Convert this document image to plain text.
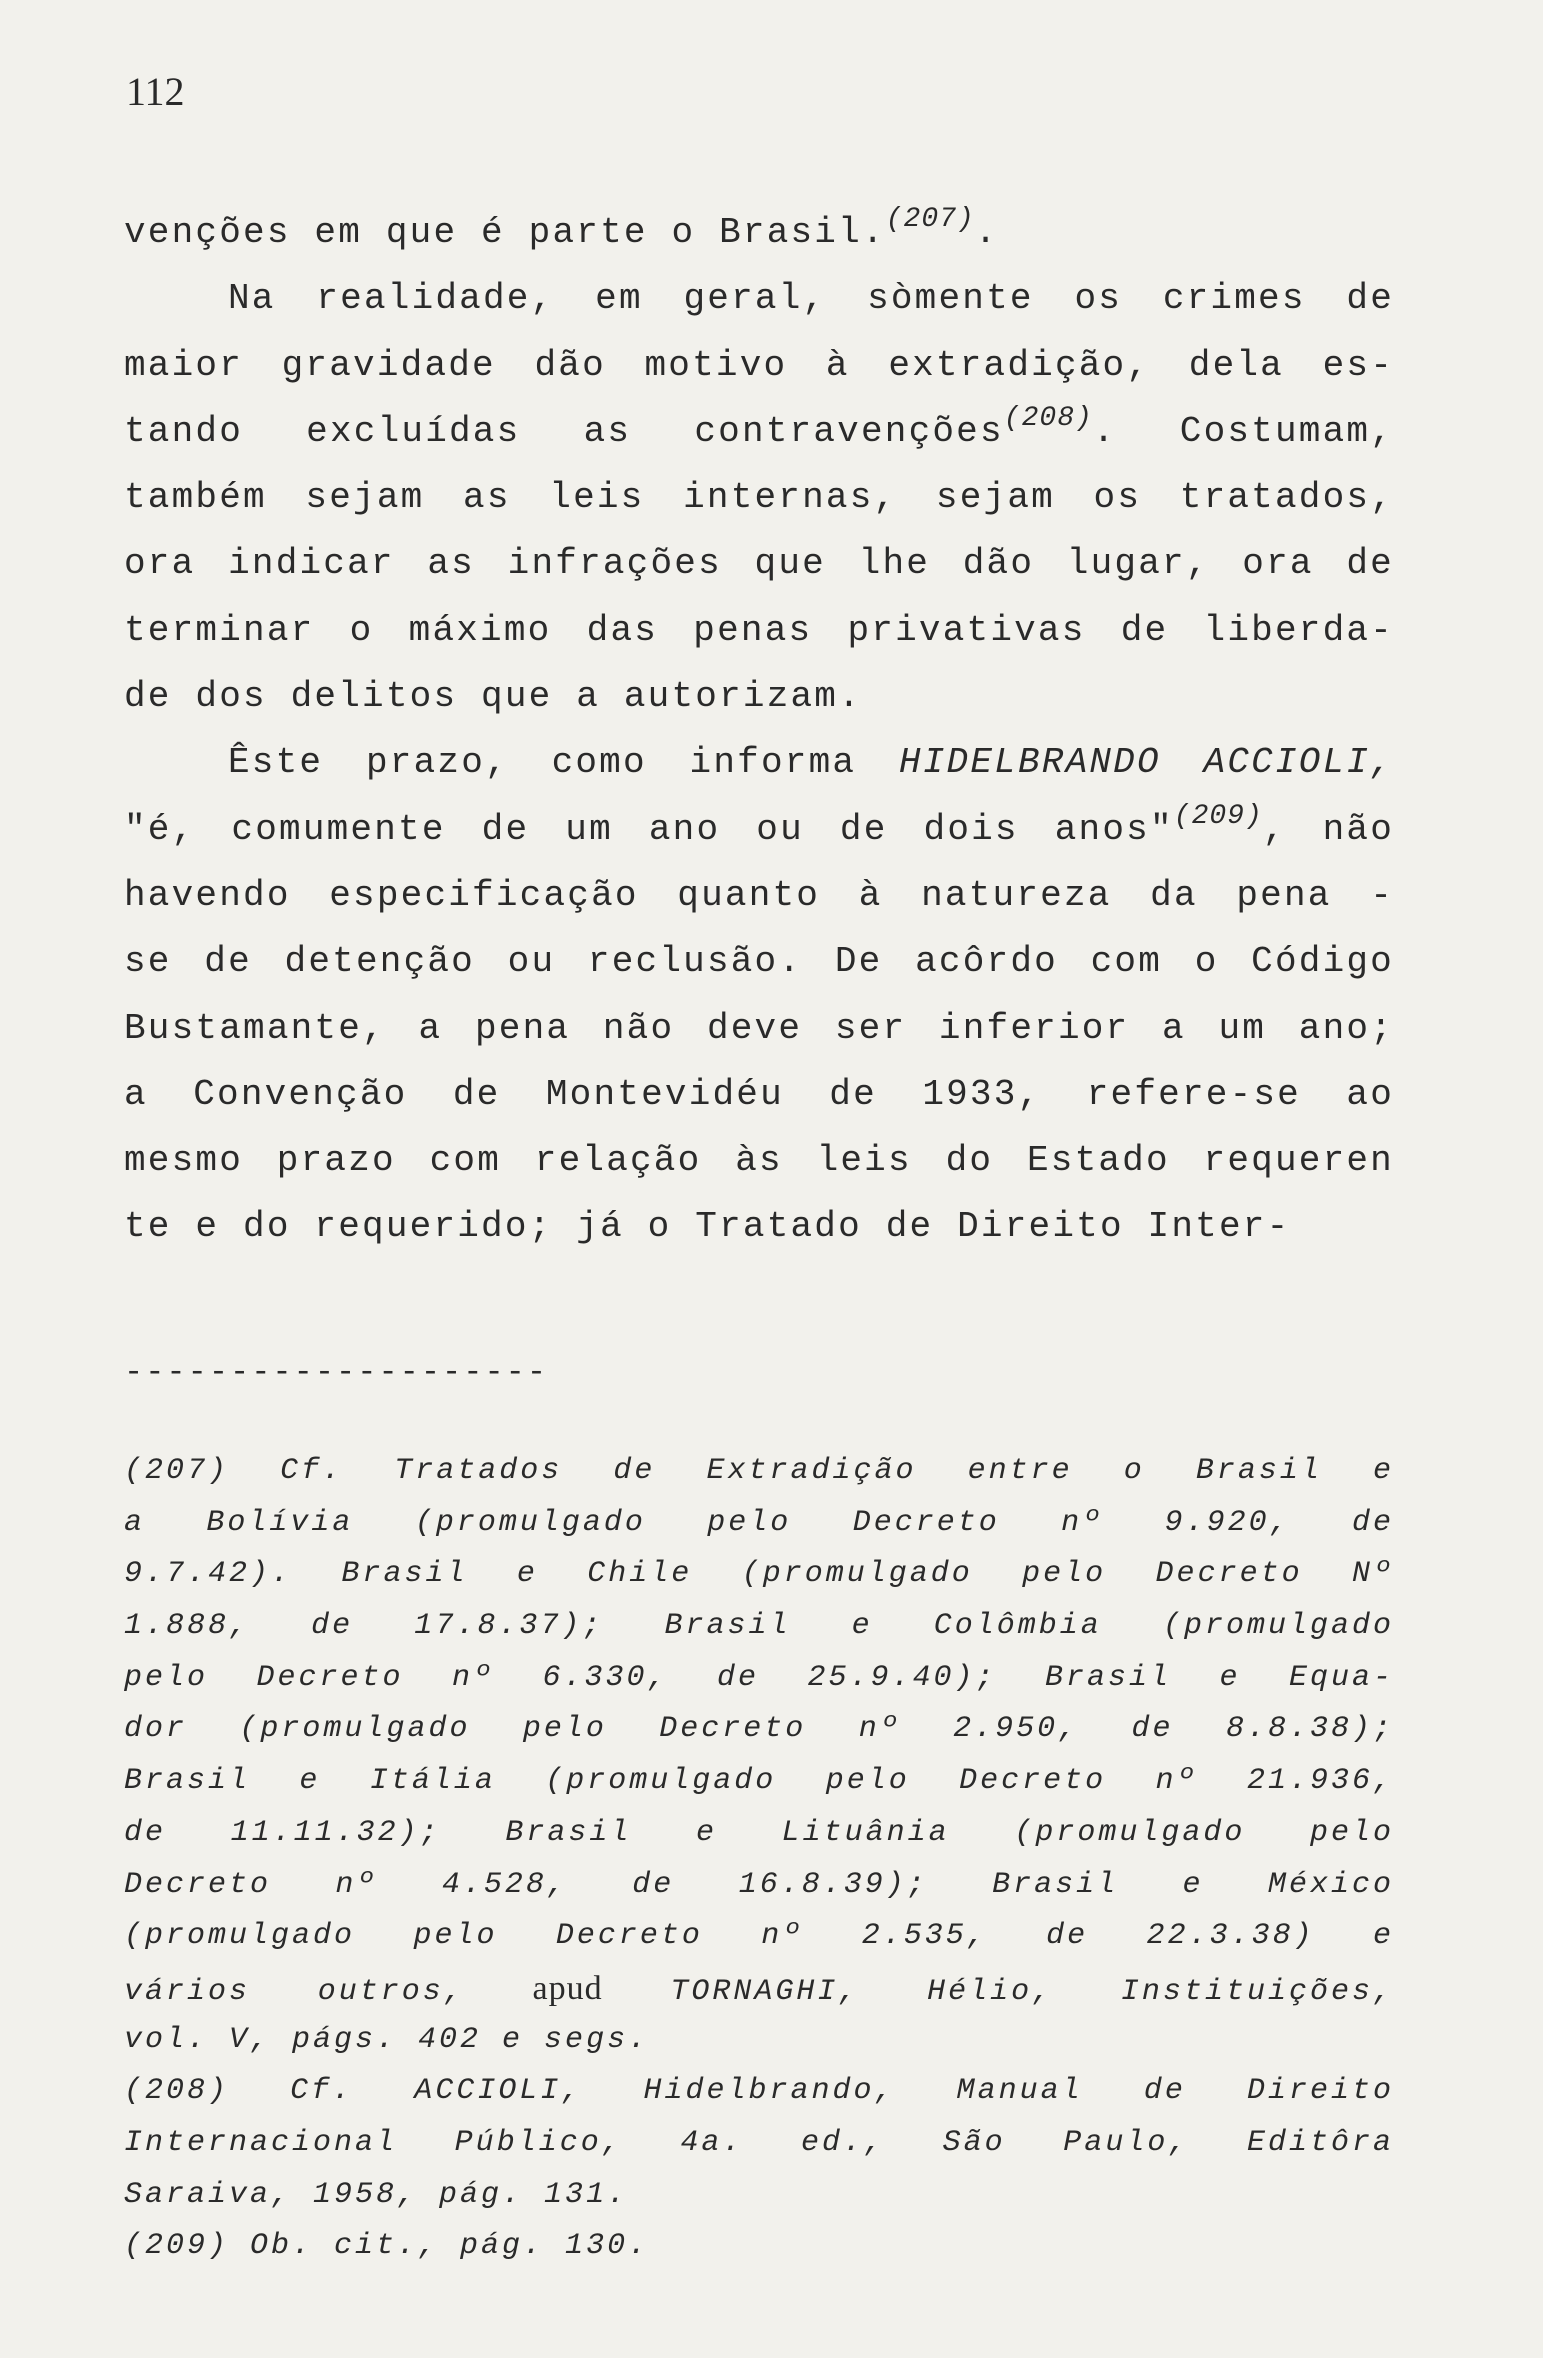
112
venções em que é parte o Brasil.$^{(207)}$.
Na realidade, em geral, sòmente os crimes de
maior gravidade dão motivo à extradição, dela es-
tando excluídas as contravenções$^{(208)}$. Costumam,
também sejam as leis internas, sejam os tratados,
ora indicar as infrações que lhe dão lugar, ora de
terminar o máximo das penas privativas de liberda-
de dos delitos que a autorizam.
Êste prazo, como informa HIDELBRANDO ACCIOLI,
"é, comumente de um ano ou de dois anos"$^{(209)}$, não
havendo especificação quanto à natureza da pena -
se de detenção ou reclusão. De acôrdo com o Código
Bustamante, a pena não deve ser inferior a um ano;
a Convenção de Montevidéu de 1933, refere-se ao
mesmo prazo com relação às leis do Estado requeren
te e do requerido; já o Tratado de Direito Inter-
--------------------
(207) Cf. Tratados de Extradição entre o Brasil e
a Bolívia (promulgado pelo Decreto nº 9.920, de
9.7.42). Brasil e Chile (promulgado pelo Decreto Nº
1.888, de 17.8.37); Brasil e Colômbia (promulgado
pelo Decreto nº 6.330, de 25.9.40); Brasil e Equa-
dor (promulgado pelo Decreto nº 2.950, de 8.8.38);
Brasil e Itália (promulgado pelo Decreto nº 21.936,
de 11.11.32); Brasil e Lituânia (promulgado pelo
Decreto nº 4.528, de 16.8.39); Brasil e México
(promulgado pelo Decreto nº 2.535, de 22.3.38) e
vários outros, apud TORNAGHI, Hélio, Instituições,
vol. V, págs. 402 e segs.
(208) Cf. ACCIOLI, Hidelbrando, Manual de Direito
Internacional Público, 4a. ed., São Paulo, Editôra
Saraiva, 1958, pág. 131.
(209) Ob. cit., pág. 130.
